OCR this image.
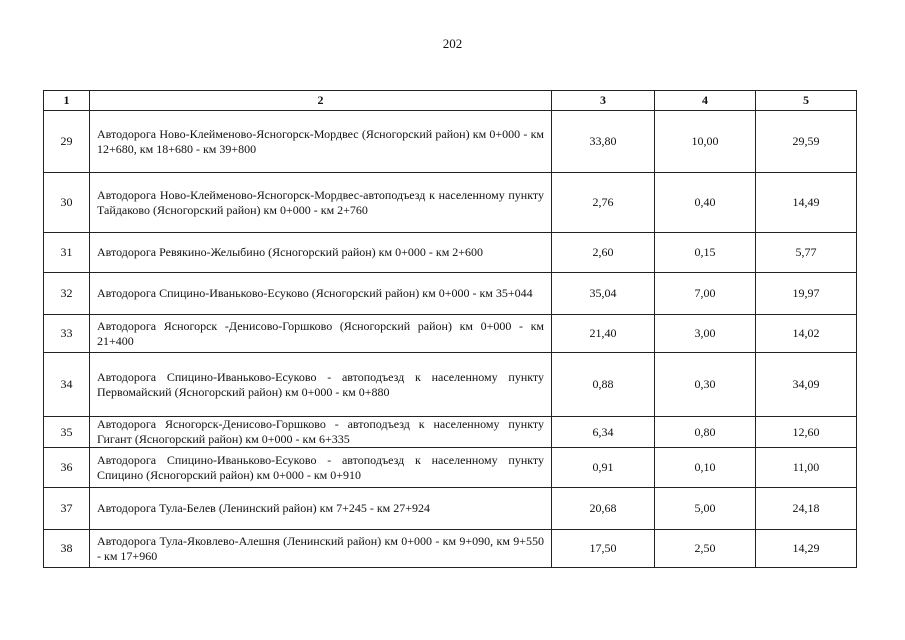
202
1	2	3	4	5
29	Автодорога Ново-Клейменово-Ясногорск-Мордвес (Ясногорский район) км 0+000 - км 12+680, км 18+680 - км 39+800	33,80	10,00	29,59
30	Автодорога Ново-Клейменово-Ясногорск-Мордвес-автоподъезд к населенному пункту Тайдаково (Ясногорский район) км 0+000 - км 2+760	2,76	0,40	14,49
31	Автодорога Ревякино-Желыбино (Ясногорский район) км 0+000 - км 2+600	2,60	0,15	5,77
32	Автодорога Спицино-Иваньково-Есуково (Ясногорский район) км 0+000 - км 35+044	35,04	7,00	19,97
33	Автодорога Ясногорск -Денисово-Горшково (Ясногорский район) км 0+000 - км 21+400	21,40	3,00	14,02
34	Автодорога Спицино-Иваньково-Есуково - автоподъезд к населенному пункту Первомайский (Ясногорский район) км 0+000 - км 0+880	0,88	0,30	34,09
35	Автодорога Ясногорск-Денисово-Горшково - автоподъезд к населенному пункту Гигант (Ясногорский район) км 0+000 - км 6+335	6,34	0,80	12,60
36	Автодорога Спицино-Иваньково-Есуково - автоподъезд к населенному пункту Спицино (Ясногорский район) км 0+000 - км 0+910	0,91	0,10	11,00
37	Автодорога Тула-Белев (Ленинский район) км 7+245 - км 27+924	20,68	5,00	24,18
38	Автодорога Тула-Яковлево-Алешня (Ленинский район) км 0+000 - км 9+090, км 9+550 - км 17+960	17,50	2,50	14,29
